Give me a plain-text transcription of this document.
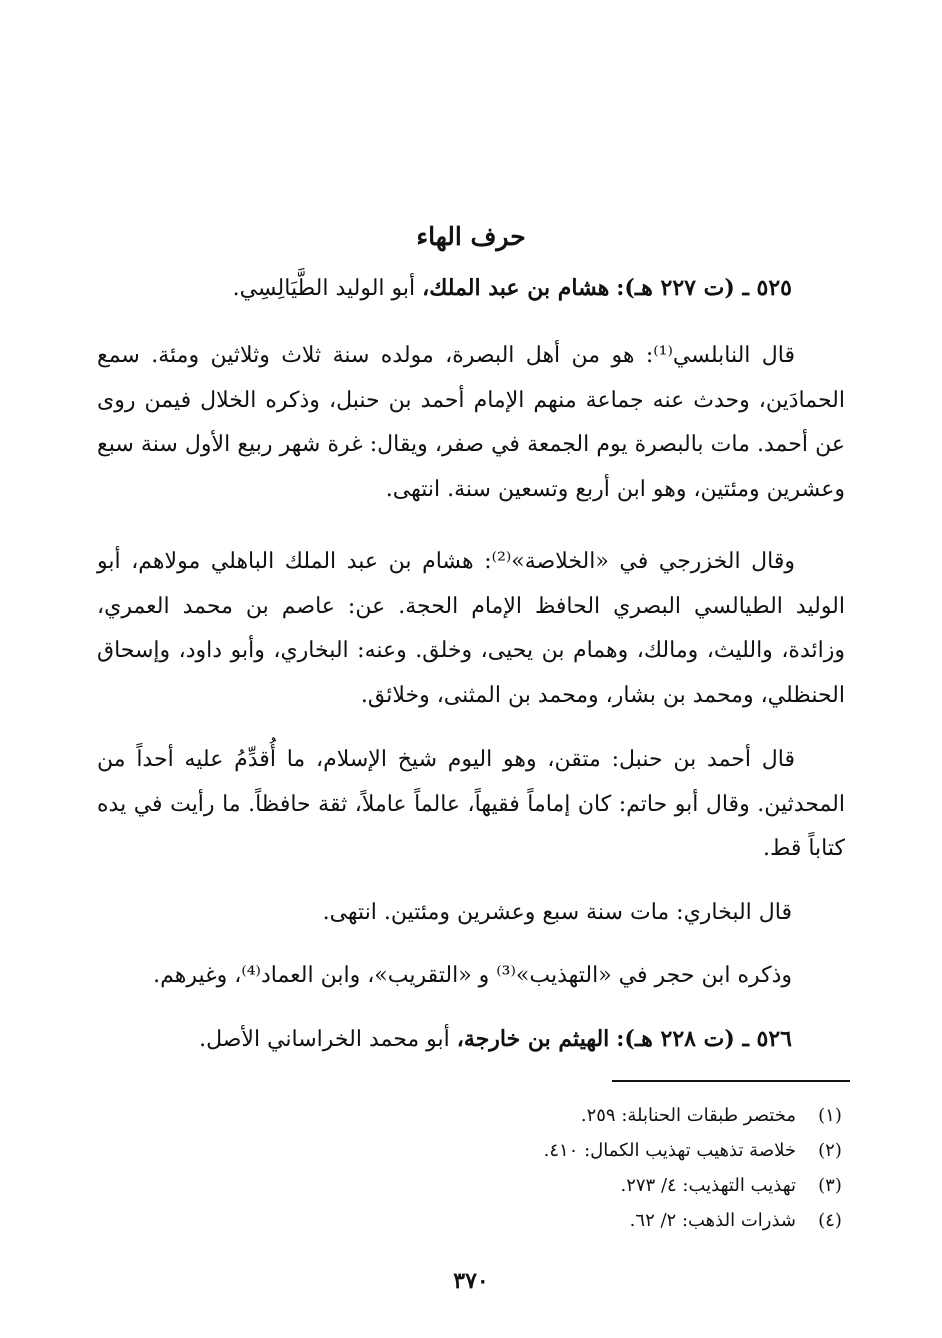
حرف الهاء
٥٢٥ ـ (ت ٢٢٧ هـ): هشام بن عبد الملك، أبو الوليد الطَّيَالِسِي.
قال النابلسي⁽¹⁾: هو من أهل البصرة، مولده سنة ثلاث وثلاثين ومئة. سمع الحمادَين، وحدث عنه جماعة منهم الإمام أحمد بن حنبل، وذكره الخلال فيمن روى عن أحمد. مات بالبصرة يوم الجمعة في صفر، ويقال: غرة شهر ربيع الأول سنة سبع وعشرين ومئتين، وهو ابن أربع وتسعين سنة. انتهى.
وقال الخزرجي في «الخلاصة»⁽²⁾: هشام بن عبد الملك الباهلي مولاهم، أبو الوليد الطيالسي البصري الحافظ الإمام الحجة. عن: عاصم بن محمد العمري، وزائدة، والليث، ومالك، وهمام بن يحيى، وخلق. وعنه: البخاري، وأبو داود، وإسحاق الحنظلي، ومحمد بن بشار، ومحمد بن المثنى، وخلائق.
قال أحمد بن حنبل: متقن، وهو اليوم شيخ الإسلام، ما أُقدِّمُ عليه أحداً من المحدثين. وقال أبو حاتم: كان إماماً فقيهاً، عالماً عاملاً، ثقة حافظاً. ما رأيت في يده كتاباً قط.
قال البخاري: مات سنة سبع وعشرين ومئتين. انتهى.
وذكره ابن حجر في «التهذيب»⁽³⁾ و «التقريب»، وابن العماد⁽⁴⁾، وغيرهم.
٥٢٦ ـ (ت ٢٢٨ هـ): الهيثم بن خارجة، أبو محمد الخراساني الأصل.
(١)
مختصر طبقات الحنابلة: ٢٥٩.
(٢)
خلاصة تذهيب تهذيب الكمال: ٤١٠.
(٣)
تهذيب التهذيب: ٤/ ٢٧٣.
(٤)
شذرات الذهب: ٢/ ٦٢.
٣٧٠
